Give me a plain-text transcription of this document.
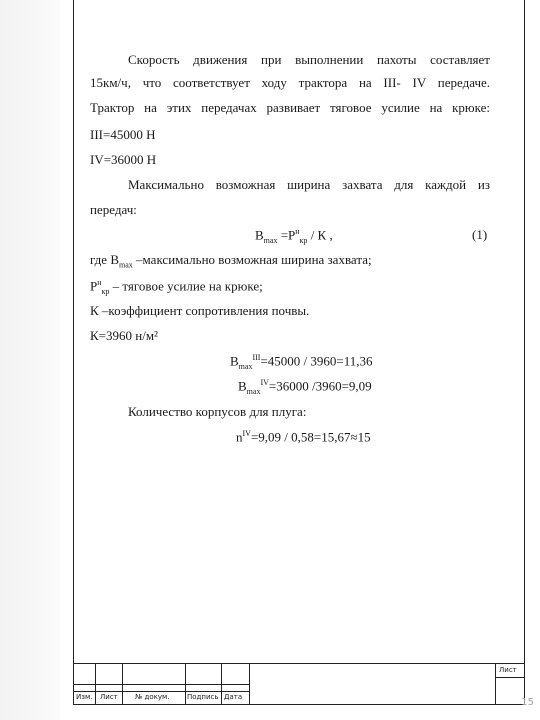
Скорость движения при выполнении пахоты составляет
15км/ч, что соответствует ходу трактора на III- IV передаче.
Трактор на этих передачах развивает тяговое усилие на крюке:
III=45000 Н
IV=36000 Н
Максимально возможная ширина захвата для каждой из
передач:
$B_{max} =P^н_{кр} / К$ ,	(1)
где $B_{max}$ –максимально возможная ширина захвата;
$P^н_{кр}$ – тяговое усилие на крюке;
К –коэффициент сопротивления почвы.
К=3960 н/м²
$B_{max}^{III}=45000 / 3960=11,36$
$B_{max}^{IV}=36000$ /3960=9,09
Количество корпусов для плуга:
$n^{IV}=9,09 / 0,58=15,67\approx 15$
Лист
Изм. Лист № докум. Подпись Дата	15
